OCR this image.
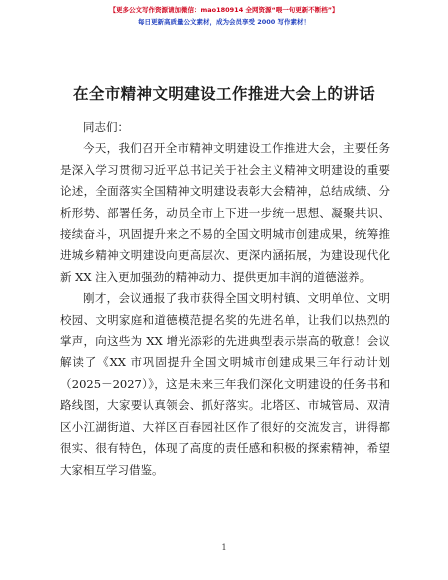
【更多公文写作资源请加微信：mao180914 全网资源“喂一句更新不断档”】
每日更新高质量公文素材，成为会员享受 2000 写作素材！
在全市精神文明建设工作推进大会上的讲话

同志们：

今天，我们召开全市精神文明建设工作推进大会，主要任务是深入学习贯彻习近平总书记关于社会主义精神文明建设的重要论述，全面落实全国精神文明建设表彰大会精神，总结成绩、分析形势、部署任务，动员全市上下进一步统一思想、凝聚共识、接续奋斗，巩固提升来之不易的全国文明城市创建成果，统筹推进城乡精神文明建设向更高层次、更深内涵拓展，为建设现代化新 XX 注入更加强劲的精神动力、提供更加丰润的道德滋养。

刚才，会议通报了我市获得全国文明村镇、文明单位、文明校园、文明家庭和道德模范提名奖的先进名单，让我们以热烈的掌声，向这些为 XX 增光添彩的先进典型表示崇高的敬意！会议解读了《XX 市巩固提升全国文明城市创建成果三年行动计划（2025－2027）》，这是未来三年我们深化文明建设的任务书和路线图，大家要认真领会、抓好落实。北塔区、市城管局、双清区小江湖街道、大祥区百春园社区作了很好的交流发言，讲得都很实、很有特色，体现了高度的责任感和积极的探索精神，希望大家相互学习借鉴。

1
